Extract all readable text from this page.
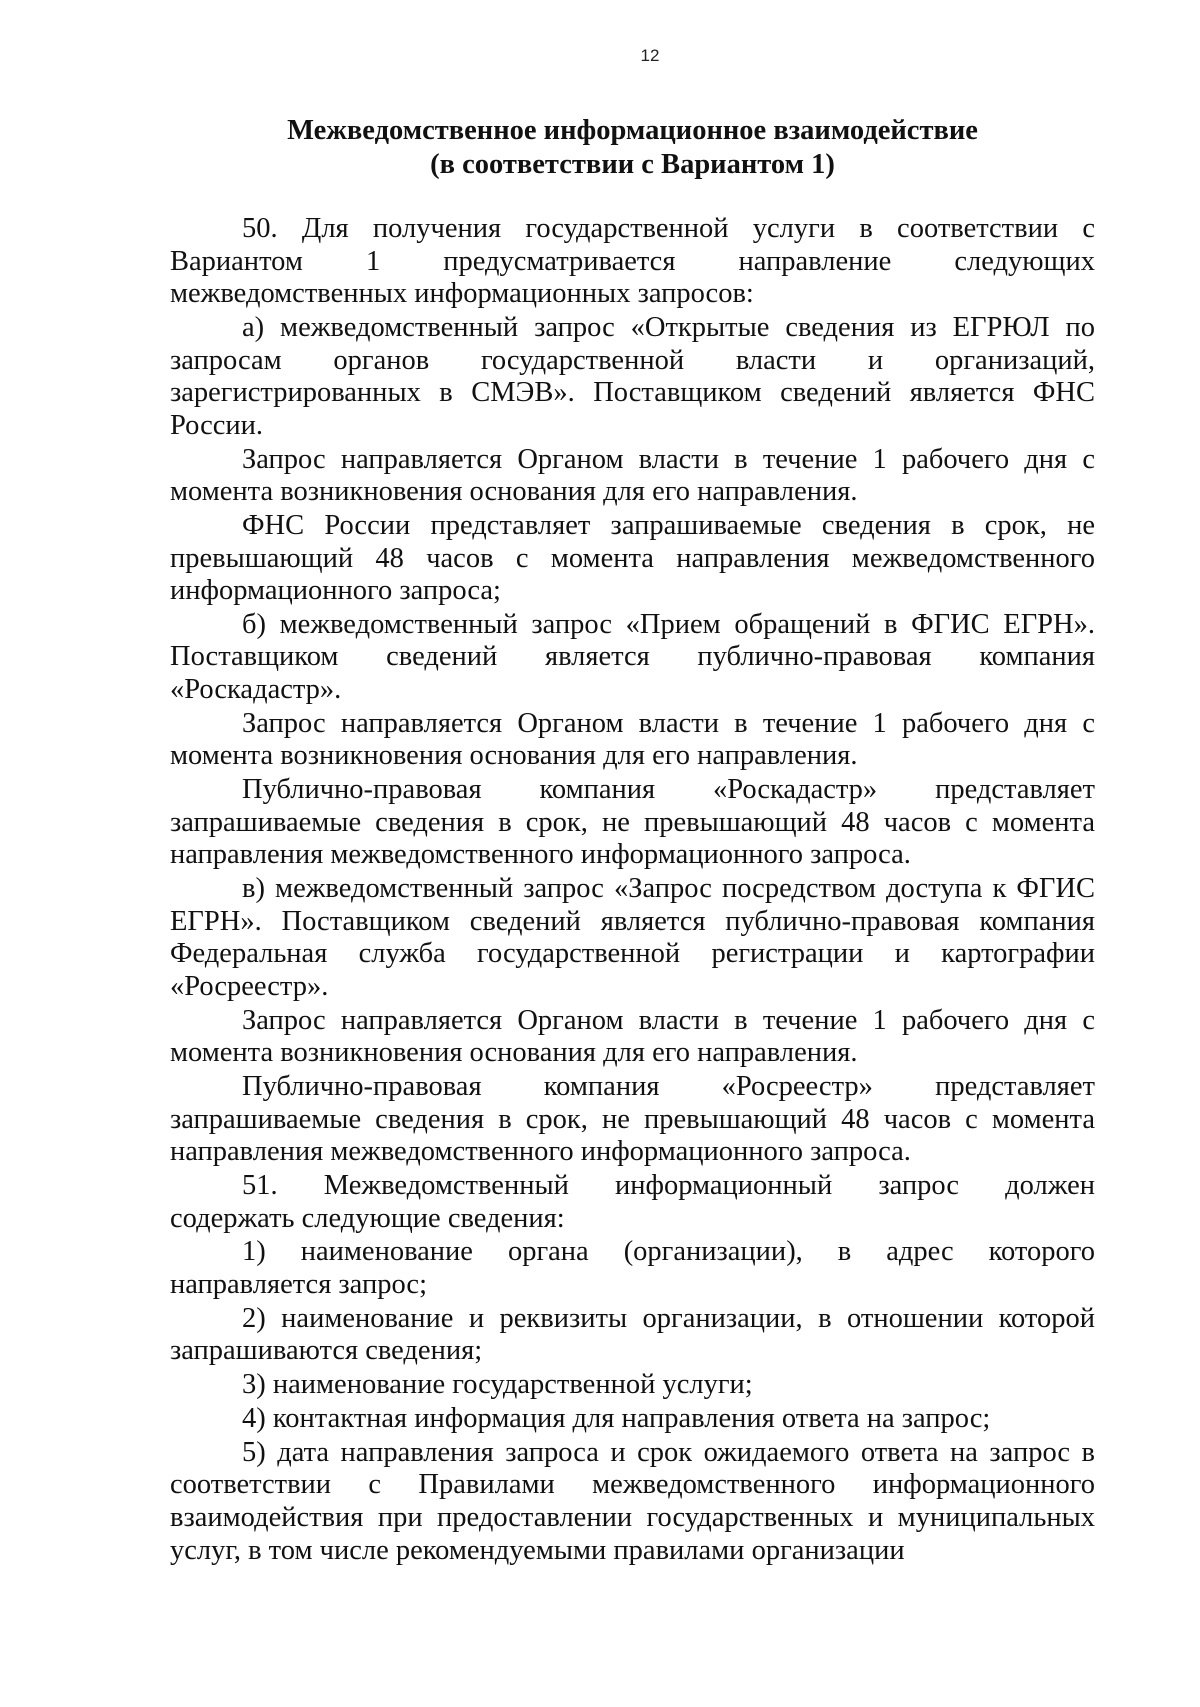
12
Межведомственное информационное взаимодействие
(в соответствии с Вариантом 1)
50. Для получения государственной услуги в соответствии с
Вариантом 1 предусматривается направление следующих
межведомственных информационных запросов:
а) межведомственный запрос «Открытые сведения из ЕГРЮЛ по
запросам органов государственной власти и организаций,
зарегистрированных в СМЭВ». Поставщиком сведений является ФНС
России.
Запрос направляется Органом власти в течение 1 рабочего дня с
момента возникновения основания для его направления.
ФНС России представляет запрашиваемые сведения в срок, не
превышающий 48 часов с момента направления межведомственного
информационного запроса;
б) межведомственный запрос «Прием обращений в ФГИС ЕГРН».
Поставщиком сведений является публично-правовая компания
«Роскадастр».
Запрос направляется Органом власти в течение 1 рабочего дня с
момента возникновения основания для его направления.
Публично-правовая компания «Роскадастр» представляет
запрашиваемые сведения в срок, не превышающий 48 часов с момента
направления межведомственного информационного запроса.
в) межведомственный запрос «Запрос посредством доступа к ФГИС
ЕГРН». Поставщиком сведений является публично-правовая компания
Федеральная служба государственной регистрации и картографии
«Росреестр».
Запрос направляется Органом власти в течение 1 рабочего дня с
момента возникновения основания для его направления.
Публично-правовая компания «Росреестр» представляет
запрашиваемые сведения в срок, не превышающий 48 часов с момента
направления межведомственного информационного запроса.
51. Межведомственный информационный запрос должен
содержать следующие сведения:
1) наименование органа (организации), в адрес которого
направляется запрос;
2) наименование и реквизиты организации, в отношении которой
запрашиваются сведения;
3) наименование государственной услуги;
4) контактная информация для направления ответа на запрос;
5) дата направления запроса и срок ожидаемого ответа на запрос в
соответствии с Правилами межведомственного информационного
взаимодействия при предоставлении государственных и муниципальных
услуг, в том числе рекомендуемыми правилами организации
